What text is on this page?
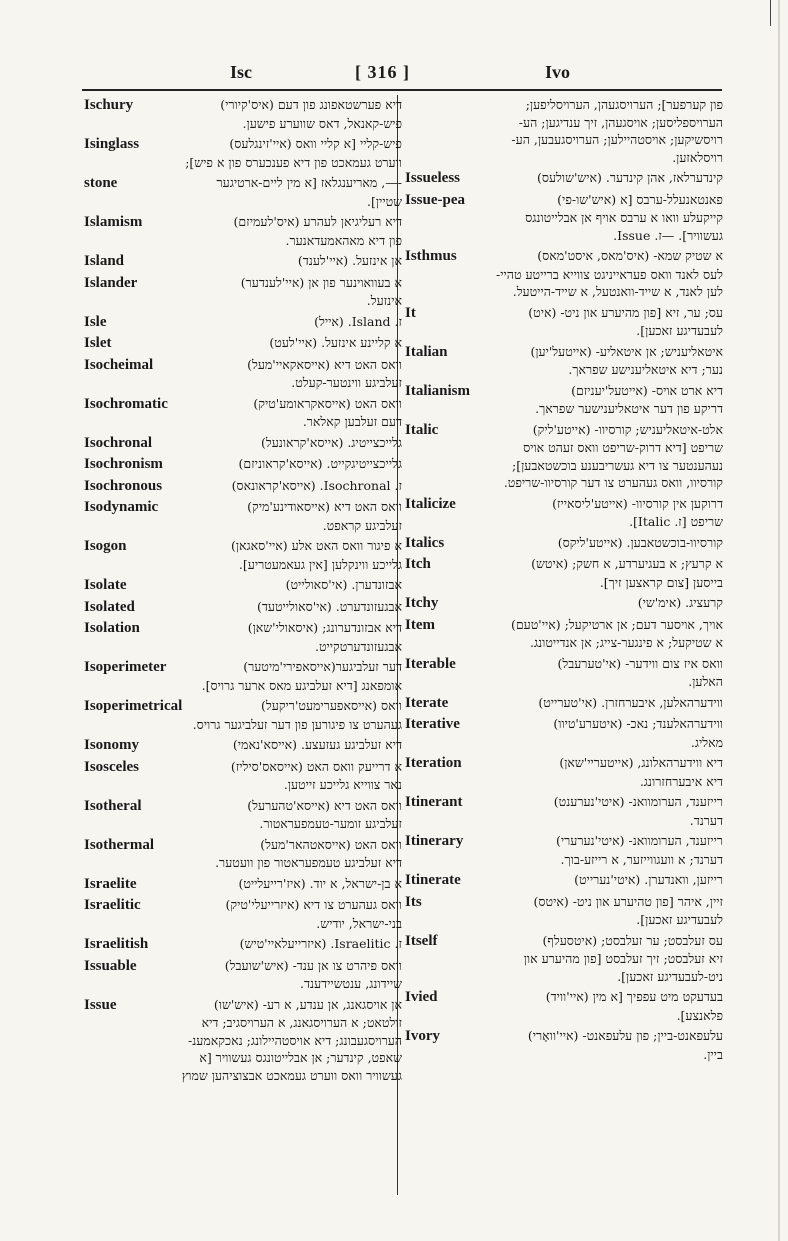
Isc	[ 316 ]	Ivo
Ischury	דיא פערשטאפונג פון דעם (איס'קיורי)
פיש-קאנאל, דאס שווערע פישען.
Isinglass	פיש-קליי [א קליי וואס (איי'זינגלעס)
ווערט געמאכט פון דיא פענכערס פון א פיש];
stone	-—, מאריענגלאז [א מין ליים-ארטיגער
שטיין].
Islamism	דיא רעליגיאן לעהרע (איס'לעמיזם)
פון דיא מאהאמעדאנער.
Island	אן אינזעל. (איי'לענד)
Islander	א בעוואוינער פון אן (איי'לענדער)
אינזעל.
Isle	ז. Island. (אייל)
Islet	א קליינע אינזעל. (איי'לעט)
Isocheimal	וואס האט דיא (אייסאקאיי'מעל)
זעלביגע ווינטער-קעלט.
Isochromatic	וואס האט (אייסאקראומע'טיק)
דעם זעלבען קאלאר.
Isochronal	גלייכצייטיג. (אייסא'קראונעל)
Isochronism	גלייכצייטיגקייט. (אייסא'קראוניזם)
Isochronous	ז. Isochronal. (אייסא'קראונאס)
Isodynamic	וואס האט דיא (אייסאודינע'מיק)
זעלביגע קראפט.
Isogon	א פיגור וואס האט אלע (איי'סאגאן)
גלייכע ווינקלען [אין געאמעטריע].
Isolate	אבזונדערן. (אי'סאולייט)
Isolated	אבגעזונדערט. (אי'סאולייטעד)
Isolation	דיא אבזונדערונג; (איסאולי'שאן)
אבגעזונדערטקייט.
Isoperimeter	דער זעלביגער(אייסאפירי'מיטער)
אומפאנג [דיא זעלביגע מאס ארער גרויס].
Isoperimetrical	וואס (אייסאפערימעט'ריקעל)
געהערט צו פיגורען פון דער זעלביגער גרויס.
Isonomy	דיא זעלביגע געזעצע. (אייסא'נאמי)
Isosceles	א דרייעק וואס האט (אייסאס'סיליז)
נאר צווייא גלייכע זייטען.
Isotheral	וואס האט דיא (אייסא'טהערעל)
זעלביגע זומער-טעמפעראטור.
Isothermal	וואס האט (אייסאטהאר'מעל)
דיא זעלביגע טעמפעראטור פון וועטער.
Israelite	א בן-ישראל, א יוד. (איז'רייעלייט)
Israelitic	וואס געהערט צו דיא (איזרייעלי'טיק)
בני-ישראל, יודיש.
Israelitish	ז. Israelitic. (איזרייעלאיי'טיש)
Issuable	וואס פיהרט צו אן ענד- (איש'שועבל)
שיידונג, ענטשיידענד.
Issue	אן אויסגאנג, אן ענדע, א רע- (איש'שו)
זולטאט; א הערויסגאנג, א הערויסגיב; דיא
הערויסגעבונג; דיא אויסטהיילונג; נאכקאמענ-
שאפט, קינדער; אן אבלייטונגס געשוויר [א
געשוויר וואס ווערט געמאכט אבצוציהען שמוץ
פון קערפער]; הערויסגעהן, הערויסליפען;
הערויספליסען; אויסגעהן, זיך ענדיגען; הע-
רויסשיקען; אויסטהיילען; הערויסגעבען, הע-
רויסלאזען.
Issueless	קינדערלאז, אהן קינדער. (איש'שולעס)
Issue-pea	פאנטאנעלל-ערבס [א (איש'שו-פי)
קייקעלע וואו א ערבס אויף אן אבלייטונגס
געשוויר]. —ז. Issue.
Isthmus	א שטיק שמא- (איס'מאס, איסט'מאס)
לעס לאנד וואס פעראייניגט צווייא ברייטע טהיי-
לען לאנד, א שייד-וואנטעל, א שייד-הייטעל.
It	עס; ער, זיא [פון מהיערע און ניט- (איט)
לעבעדיגע זאכען].
Italian	איטאליעניש; אן איטאליע- (אייטעל'יען)
נער; דיא איטאליענישע שפראך.
Italianism	דיא ארט אויס- (אייטעל'יעניזם)
דריקע פון דער איטאליענישער שפראך.
Italic	אלט-איטאליעניש; קורסיוו- (אייטע'ליק)
שריפט [דיא דרוק-שריפט וואס זעהט אויס
נעהענטער צו דיא געשריבענע בוכשטאבען];
קורסיוו, וואס געהערט צו דער קורסיוו-שריפט.
Italicize	דרוקען אין קורסיוו- (אייטע'ליסאייז)
שריפט [ז. Italic].
Italics	קורסיוו-בוכשטאבען. (אייטע'ליקס)
Itch	א קרעץ; א בעגיערדע, א חשק; (איטש)
בייסען [צום קראצען זיך].
Itchy	קרעציג. (אימ'שי)
Item	אויך, אויסער דעם; אן ארטיקעל; (איי'טעם)
א שטיקעל; א פינגער-צייג; אן אנדייטונג.
Iterable	וואס איז צום ווידער- (אי'טערעבל)
האלען.
Iterate	ווידערהאלען, איבערחזרן. (אי'טערייט)
Iterative	ווידערהאלענד; נאכ- (איטערע'טיוו)
מאליג.
Iteration	דיא ווידערהאלונג, (אייטעריי'שאן)
דיא איבערחזרונג.
Itinerant	רייזענד, הערומוואנ- (איטי'נערענט)
דערנד.
Itinerary	רייזענד, הערומוואנ- (איטי'נערערי)
דערנד; א וועגווייזער, א רייזע-בוך.
Itinerate	רייזען, וואנדערן. (איטי'נערייט)
Its	זיין, איהר [פון טהיערע און ניט- (איטס)
לעבעדיגע זאכען].
Itself	עס זעלבסט; ער זעלבסט; (איטסעלף)
זיא זעלבסט; זיך זעלבסט [פון מהיערע און
ניט-לעבעדיגע זאכען].
Ivied	בעדעקט מיט עפפיך [א מין (איי'וויד)
פלאנצע].
Ivory	עלעפאנט-ביין; פון עלעפאנט- (איי'וואָרי)
ביין.
